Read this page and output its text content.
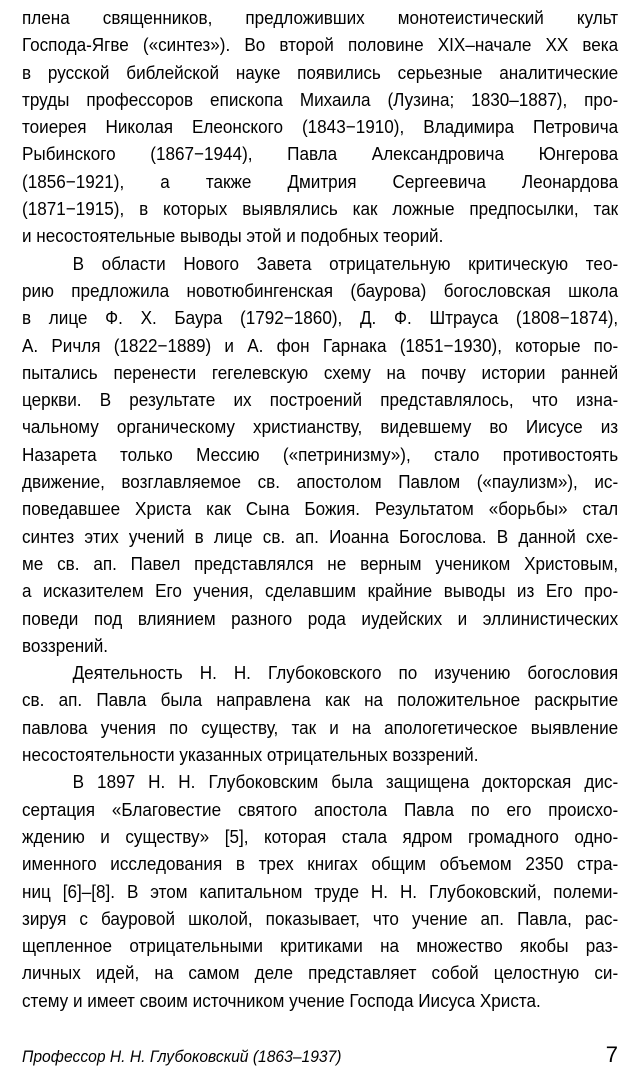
плена священников, предложивших монотеистический культ
Господа-Ягве («синтез»). Во второй половине XIX–начале XX века
в русской библейской науке появились серьезные аналитические
труды профессоров епископа Михаила (Лузина; 1830–1887), про-
тоиерея Николая Елеонского (1843−1910), Владимира Петровича
Рыбинского (1867−1944), Павла Александровича Юнгерова
(1856−1921), а также Дмитрия Сергеевича Леонардова
(1871−1915), в которых выявлялись как ложные предпосылки, так
и несостоятельные выводы этой и подобных теорий.
В области Нового Завета отрицательную критическую тео-
рию предложила новотюбингенская (баурова) богословская школа
в лице Ф. Х. Баура (1792−1860), Д. Ф. Штрауса (1808−1874),
А. Ричля (1822−1889) и А. фон Гарнака (1851−1930), которые по-
пытались перенести гегелевскую схему на почву истории ранней
церкви. В результате их построений представлялось, что изна-
чальному органическому христианству, видевшему во Иисусе из
Назарета только Мессию («петринизму»), стало противостоять
движение, возглавляемое св. апостолом Павлом («паулизм»), ис-
поведавшее Христа как Сына Божия. Результатом «борьбы» стал
синтез этих учений в лице св. ап. Иоанна Богослова. В данной схе-
ме св. ап. Павел представлялся не верным учеником Христовым,
а исказителем Его учения, сделавшим крайние выводы из Его про-
поведи под влиянием разного рода иудейских и эллинистических
воззрений.
Деятельность Н. Н. Глубоковского по изучению богословия
св. ап. Павла была направлена как на положительное раскрытие
павлова учения по существу, так и на апологетическое выявление
несостоятельности указанных отрицательных воззрений.
В 1897 Н. Н. Глубоковским была защищена докторская дис-
сертация «Благовестие святого апостола Павла по его происхо-
ждению и существу» [5], которая стала ядром громадного одно-
именного исследования в трех книгах общим объемом 2350 стра-
ниц [6]–[8]. В этом капитальном труде Н. Н. Глубоковский, полеми-
зируя с бауровой школой, показывает, что учение ап. Павла, рас-
щепленное отрицательными критиками на множество якобы раз-
личных идей, на самом деле представляет собой целостную си-
стему и имеет своим источником учение Господа Иисуса Христа.
Профессор Н. Н. Глубоковский (1863–1937)	7
